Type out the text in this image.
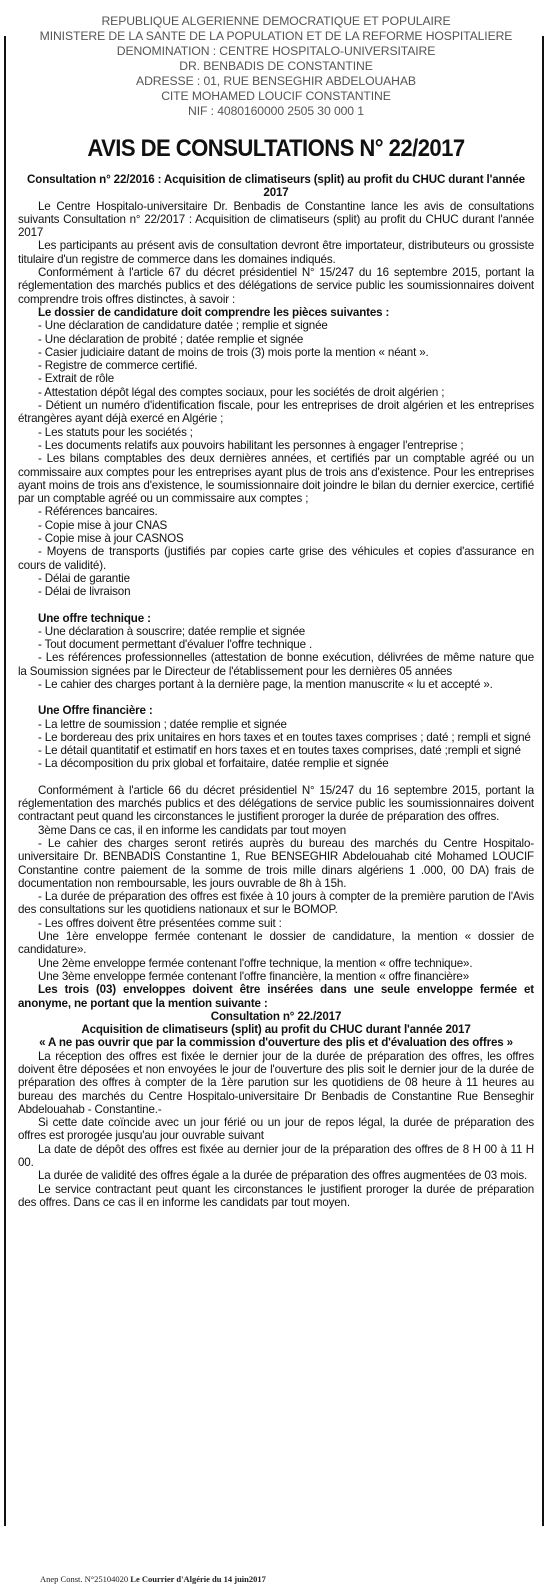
REPUBLIQUE ALGERIENNE DEMOCRATIQUE ET POPULAIRE
MINISTERE DE LA SANTE DE LA POPULATION ET DE LA REFORME HOSPITALIERE
DENOMINATION : CENTRE HOSPITALO-UNIVERSITAIRE
DR. BENBADIS DE CONSTANTINE
ADRESSE : 01, RUE BENSEGHIR ABDELOUAHAB
CITE MOHAMED LOUCIF CONSTANTINE
NIF : 4080160000 2505 30 000 1
AVIS DE CONSULTATIONS N° 22/2017
Consultation n° 22/2016 : Acquisition de climatiseurs (split) au profit du CHUC durant l'année 2017
Le Centre Hospitalo-universitaire Dr. Benbadis de Constantine lance les avis de consultations suivants Consultation n° 22/2017 : Acquisition de climatiseurs (split) au profit du CHUC durant l'année 2017
Les participants au présent avis de consultation devront être importateur, distributeurs ou grossiste titulaire d'un registre de commerce dans les domaines indiqués.
Conformément à l'article 67 du décret présidentiel N° 15/247 du 16 septembre 2015, portant la réglementation des marchés publics et des délégations de service public les soumissionnaires doivent comprendre trois offres distinctes, à savoir :
Le dossier de candidature doit comprendre les pièces suivantes :
- Une déclaration de candidature datée ; remplie et signée
- Une déclaration de probité ; datée remplie et signée
- Casier judiciaire datant de moins de trois (3) mois porte la mention « néant ».
- Registre de commerce certifié.
- Extrait de rôle
- Attestation dépôt légal des comptes sociaux, pour les sociétés de droit algérien ;
- Détient un numéro d'identification fiscale, pour les entreprises de droit algérien et les entreprises étrangères ayant déjà exercé en Algérie ;
- Les statuts pour les sociétés ;
- Les documents relatifs aux pouvoirs habilitant les personnes à engager l'entreprise ;
- Les bilans comptables des deux dernières années, et certifiés par un comptable agréé ou un commissaire aux comptes pour les entreprises ayant plus de trois ans d'existence. Pour les entreprises ayant moins de trois ans d'existence, le soumissionnaire doit joindre le bilan du dernier exercice, certifié par un comptable agréé ou un commissaire aux comptes ;
- Références bancaires.
- Copie mise à jour CNAS
- Copie mise à jour CASNOS
- Moyens de transports (justifiés par copies carte grise des véhicules et copies d'assurance en cours de validité).
- Délai de garantie
- Délai de livraison
Une offre technique :
- Une déclaration à souscrire; datée remplie et signée
- Tout document permettant d'évaluer l'offre technique .
- Les références professionnelles (attestation de bonne exécution, délivrées de même nature que la Soumission signées par le Directeur de l'établissement pour les dernières 05 années
- Le cahier des charges portant à la dernière page, la mention manuscrite « lu et accepté ».
Une Offre financière :
- La lettre de soumission ; datée remplie et signée
- Le bordereau des prix unitaires en hors taxes et en toutes taxes comprises ; daté ; rempli et signé
- Le détail quantitatif et estimatif en hors taxes et en toutes taxes comprises, daté ;rempli et signé
- La décomposition du prix global et forfaitaire, datée remplie et signée
Conformément à l'article 66 du décret présidentiel N° 15/247 du 16 septembre 2015, portant la réglementation des marchés publics et des délégations de service public les soumissionnaires doivent contractant peut quand les circonstances le justifient proroger la durée de préparation des offres.
3ème Dans ce cas, il en informe les candidats par tout moyen
- Le cahier des charges seront retirés auprès du bureau des marchés du Centre Hospitalo-universitaire Dr. BENBADIS Constantine 1, Rue BENSEGHIR Abdelouahab cité Mohamed LOUCIF Constantine contre paiement de la somme de trois mille dinars algériens 1 .000, 00 DA) frais de documentation non remboursable, les jours ouvrable de 8h à 15h.
- La durée de préparation des offres est fixée à 10 jours à compter de la première parution de l'Avis des consultations sur les quotidiens nationaux et sur le BOMOP.
- Les offres doivent être présentées comme suit :
Une 1ère enveloppe fermée contenant le dossier de candidature, la mention « dossier de candidature».
Une 2ème enveloppe fermée contenant l'offre technique, la mention « offre technique».
Une 3ème enveloppe fermée contenant l'offre financière, la mention « offre financière»
Les trois (03) enveloppes doivent être insérées dans une seule enveloppe fermée et anonyme, ne portant que la mention suivante :
Consultation n° 22./2017
Acquisition de climatiseurs (split) au profit du CHUC durant l'année 2017
« A ne pas ouvrir que par la commission d'ouverture des plis et d'évaluation des offres »
La réception des offres est fixée le dernier jour de la durée de préparation des offres, les offres doivent être déposées et non envoyées le jour de l'ouverture des plis soit le dernier jour de la durée de préparation des offres à compter de la 1ère parution sur les quotidiens de 08 heure à 11 heures au bureau des marchés du Centre Hospitalo-universitaire Dr Benbadis de Constantine Rue Benseghir Abdelouahab - Constantine.-
Si cette date coïncide avec un jour férié ou un jour de repos légal, la durée de préparation des offres est prorogée jusqu'au jour ouvrable suivant
La date de dépôt des offres est fixée au dernier jour de la préparation des offres de 8 H 00 à 11 H 00.
La durée de validité des offres égale a la durée de préparation des offres augmentées de 03 mois.
Le service contractant peut quant les circonstances le justifient proroger la durée de préparation des offres. Dans ce cas il en informe les candidats par tout moyen.
Anep Const. N°25104020 Le Courrier d'Algérie du 14 juin2017
